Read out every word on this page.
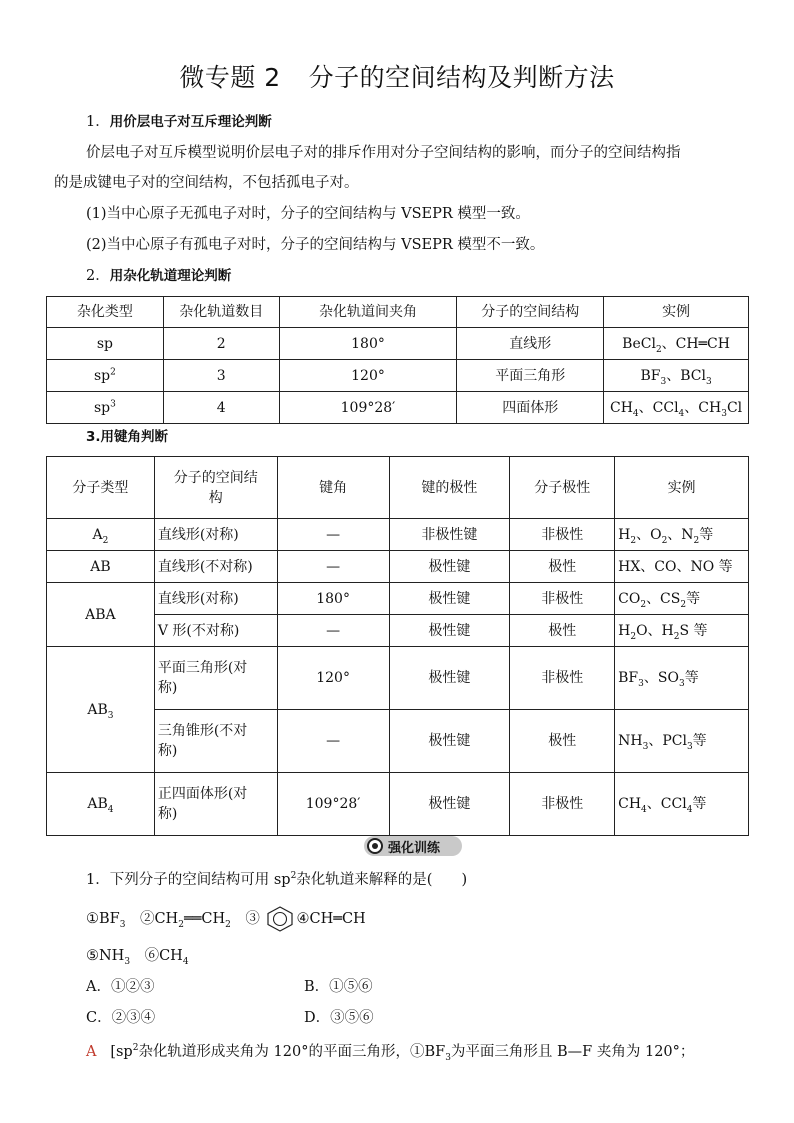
微专题 2 分子的空间结构及判断方法
1．用价层电子对互斥理论判断
价层电子对互斥模型说明价层电子对的排斥作用对分子空间结构的影响，而分子的空间结构指
的是成键电子对的空间结构，不包括孤电子对。
(1)当中心原子无孤电子对时，分子的空间结构与 VSEPR 模型一致。
(2)当中心原子有孤电子对时，分子的空间结构与 VSEPR 模型不一致。
2．用杂化轨道理论判断
杂化类型	杂化轨道数目	杂化轨道间夹角	分子的空间结构	实例
sp	2	180°	直线形	BeCl$_2$、CH═CH
$sp^2$	3	120°	平面三角形	$BF_3$、BCl$_3$
$sp^3$	4	109°28′	四面体形	$CH_4$、CCl$_4$、$CH_3Cl$
3.用键角判断
分子类型	分子的空间结
构	键角	键的极性	分子极性	实例
$A_2$	直线形(对称)	—	非极性键	非极性	$H_2$、$O_2$、$N_2$等
AB	直线形(不对称)	—	极性键	极性	HX、CO、NO 等
ABA	直线形(对称)	180°	极性键	非极性	$CO_2$、$CS_2$等
	V 形(不对称)	—	极性键	极性	$H_2O$、$H_2S$ 等
$AB_3$	平面三角形(对
称)	120°	极性键	非极性	$BF_3$、$SO_3$等

	三角锥形(不对
称)	—	极性键	极性	$NH_3$、PCl$_3$等
$AB_4$	正四面体形(对
称)	109°28′	极性键	非极性	$CH_4$、CCl$_4$等
强化训练
1．下列分子的空间结构可用 $sp^2$杂化轨道来解释的是(　　)
$①BF_3$　$②CH_2══CH_2$　③	④CH═CH
$⑤NH_3$　$⑥CH_4$
A．①②③	B．①⑤⑥
C．②③④	D．③⑤⑥
A [$sp^2$杂化轨道形成夹角为 120°的平面三角形，$①BF_3$为平面三角形且 B—F 夹角为 120°；
